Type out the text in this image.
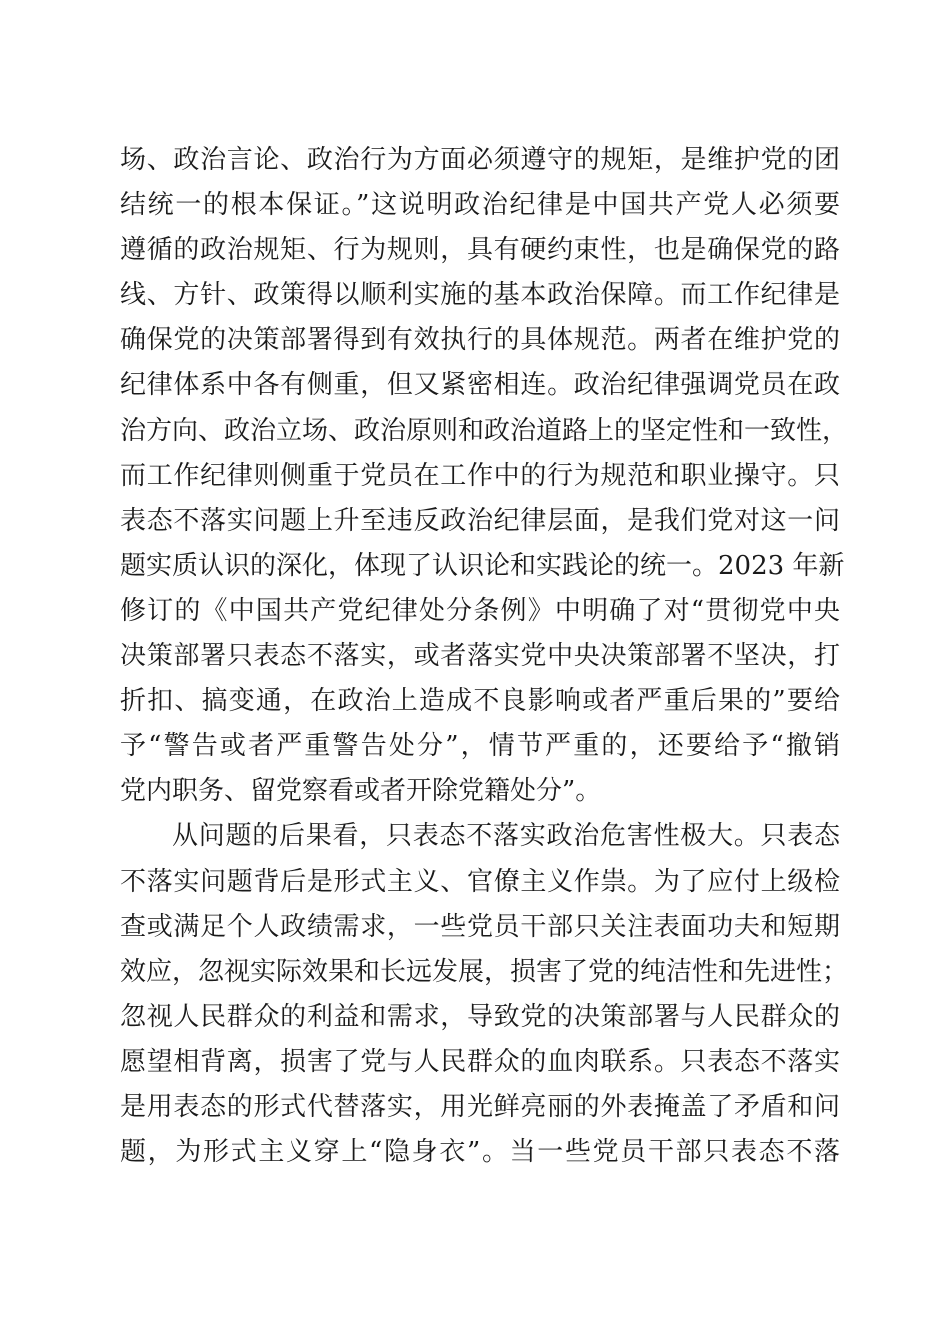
场、政治言论、政治行为方面必须遵守的规矩，是维护党的团
结统一的根本保证。”这说明政治纪律是中国共产党人必须要
遵循的政治规矩、行为规则，具有硬约束性，也是确保党的路
线、方针、政策得以顺利实施的基本政治保障。而工作纪律是
确保党的决策部署得到有效执行的具体规范。两者在维护党的
纪律体系中各有侧重，但又紧密相连。政治纪律强调党员在政
治方向、政治立场、政治原则和政治道路上的坚定性和一致性，
而工作纪律则侧重于党员在工作中的行为规范和职业操守。只
表态不落实问题上升至违反政治纪律层面，是我们党对这一问
题实质认识的深化，体现了认识论和实践论的统一。2023 年新
修订的《中国共产党纪律处分条例》中明确了对“贯彻党中央
决策部署只表态不落实，或者落实党中央决策部署不坚决，打
折扣、搞变通，在政治上造成不良影响或者严重后果的”要给
予“警告或者严重警告处分”，情节严重的，还要给予“撤销
党内职务、留党察看或者开除党籍处分”。
从问题的后果看，只表态不落实政治危害性极大。只表态
不落实问题背后是形式主义、官僚主义作祟。为了应付上级检
查或满足个人政绩需求，一些党员干部只关注表面功夫和短期
效应，忽视实际效果和长远发展，损害了党的纯洁性和先进性；
忽视人民群众的利益和需求，导致党的决策部署与人民群众的
愿望相背离，损害了党与人民群众的血肉联系。只表态不落实
是用表态的形式代替落实，用光鲜亮丽的外表掩盖了矛盾和问
题，为形式主义穿上“隐身衣”。当一些党员干部只表态不落
